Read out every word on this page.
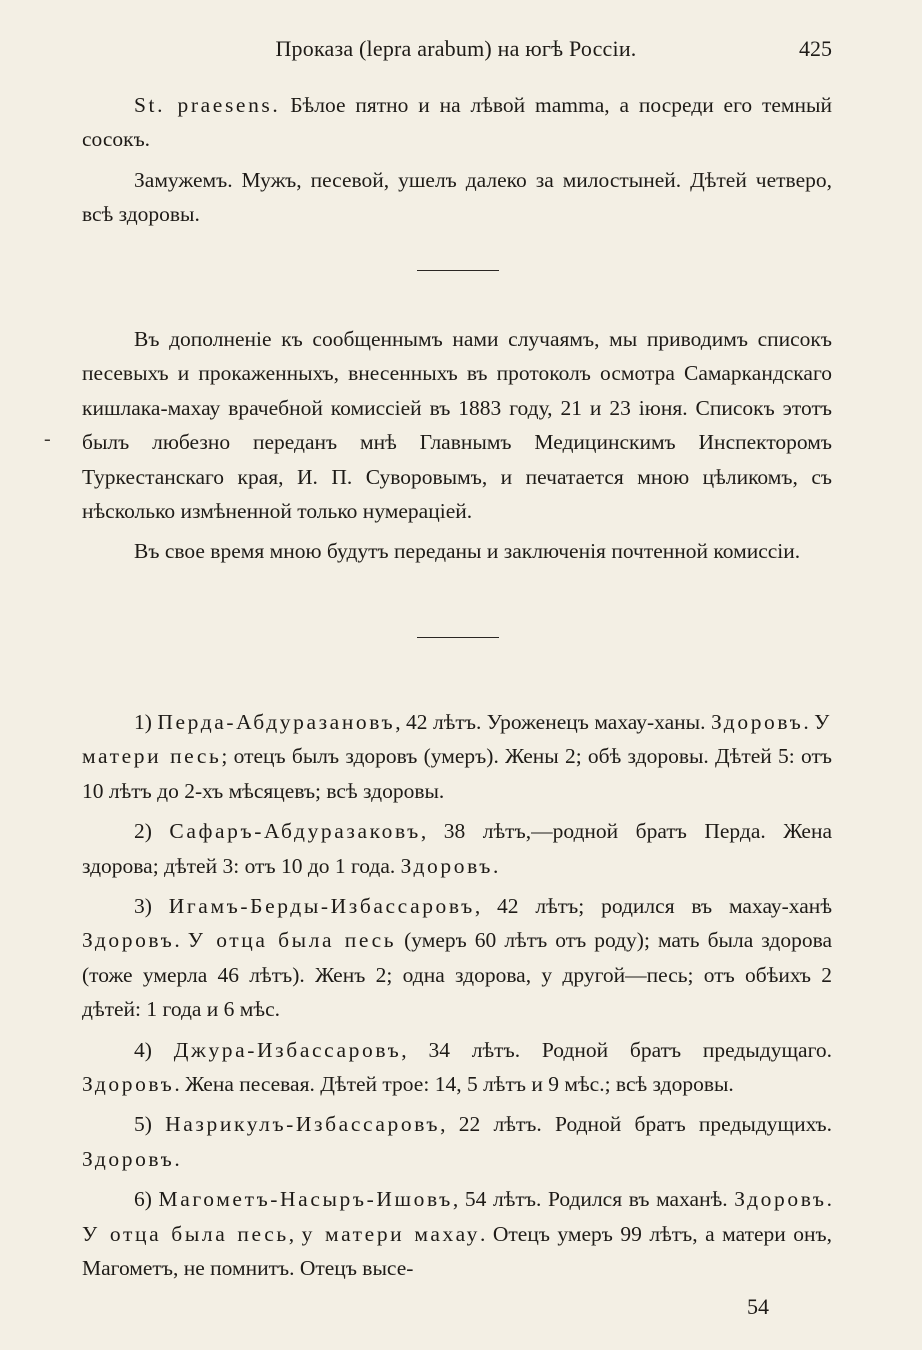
Проказа (lepra arabum) на югѣ Россіи.	425

St. praesens. Бѣлое пятно и на лѣвой mamma, а посреди его темный сосокъ.

Замужемъ. Мужъ, песевой, ушелъ далеко за милостыней. Дѣтей четверо, всѣ здоровы.

-

Въ дополненіе къ сообщеннымъ нами случаямъ, мы приводимъ списокъ песевыхъ и прокаженныхъ, внесенныхъ въ протоколъ осмотра Самаркандскаго кишлака-махау врачебной комиссіей въ 1883 году, 21 и 23 іюня. Списокъ этотъ былъ любезно переданъ мнѣ Главнымъ Медицинскимъ Инспекторомъ Туркестанскаго края, И. П. Суворовымъ, и печатается мною цѣликомъ, съ нѣсколько измѣненной только нумераціей.

Въ свое время мною будутъ переданы и заключенія почтенной комиссіи.

1) Перда-Абдуразановъ, 42 лѣтъ. Уроженецъ махау-ханы. Здоровъ. У матери песь; отецъ былъ здоровъ (умеръ). Жены 2; обѣ здоровы. Дѣтей 5: отъ 10 лѣтъ до 2-хъ мѣсяцевъ; всѣ здоровы.

2) Сафаръ-Абдуразаковъ, 38 лѣтъ,—родной братъ Перда. Жена здорова; дѣтей 3: отъ 10 до 1 года. Здоровъ.

3) Игамъ-Берды-Избассаровъ, 42 лѣтъ; родился въ махау-ханѣ Здоровъ. У отца была песь (умеръ 60 лѣтъ отъ роду); мать была здорова (тоже умерла 46 лѣтъ). Женъ 2; одна здорова, у другой—песь; отъ обѣихъ 2 дѣтей: 1 года и 6 мѣс.

4) Джура-Избассаровъ, 34 лѣтъ. Родной братъ предыдущаго. Здоровъ. Жена песевая. Дѣтей трое: 14, 5 лѣтъ и 9 мѣс.; всѣ здоровы.

5) Назрикулъ-Избассаровъ, 22 лѣтъ. Родной братъ предыдущихъ. Здоровъ.

6) Магометъ-Насыръ-Ишовъ, 54 лѣтъ. Родился въ маханѣ. Здоровъ. У отца была песь, у матери махау. Отецъ умеръ 99 лѣтъ, а матери онъ, Магометъ, не помнитъ. Отецъ высе-

54
